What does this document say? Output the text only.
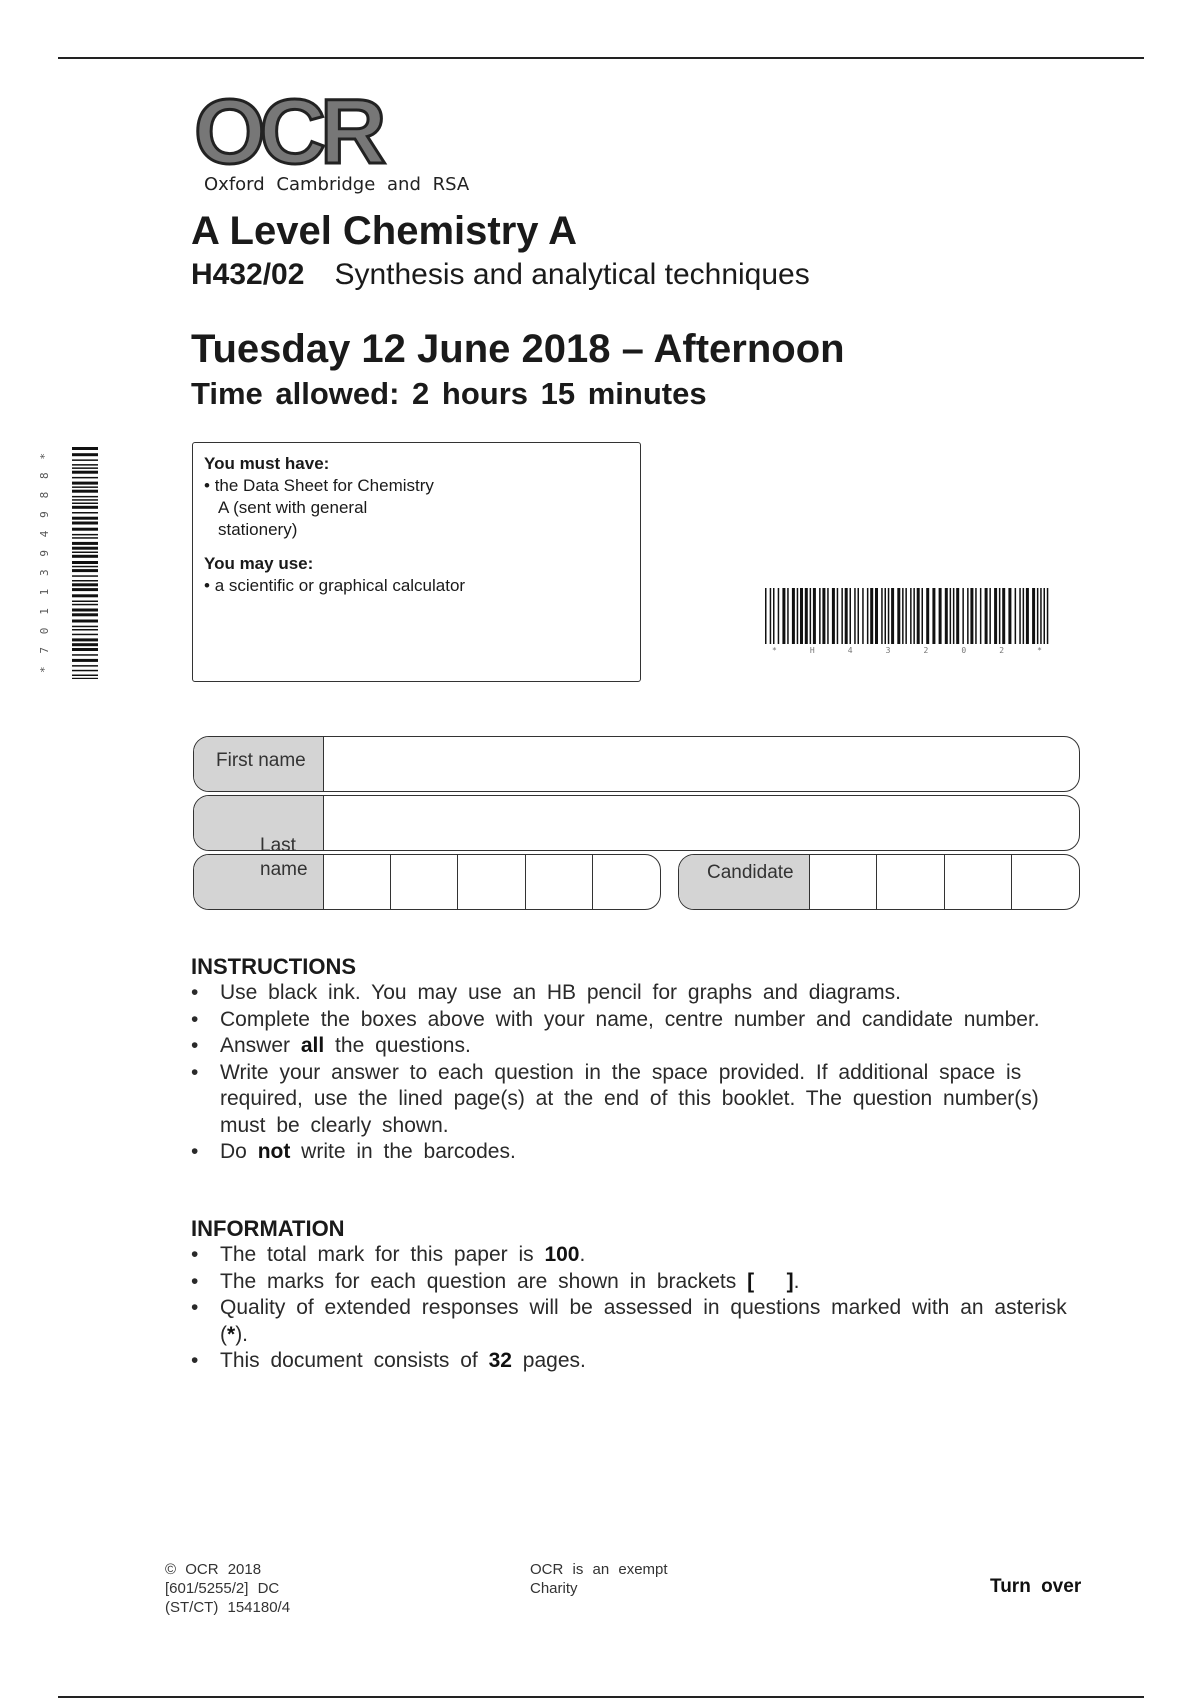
OCR
Oxford Cambridge and RSA
A Level Chemistry A
H432/02 Synthesis and analytical techniques
Tuesday 12 June 2018 – Afternoon
Time allowed: 2 hours 15 minutes
You must have:
• the Data Sheet for Chemistry A (sent with general stationery)
You may use:
• a scientific or graphical calculator
*7011394988*
* H 4 3 2 0 2 *
First name
Last name	Candidate
INSTRUCTIONS
• Use black ink. You may use an HB pencil for graphs and diagrams.
• Complete the boxes above with your name, centre number and candidate number.
• Answer all the questions.
• Write your answer to each question in the space provided. If additional space is required, use the lined page(s) at the end of this booklet. The question number(s) must be clearly shown.
• Do not write in the barcodes.
INFORMATION
• The total mark for this paper is 100.
• The marks for each question are shown in brackets [   ].
• Quality of extended responses will be assessed in questions marked with an asterisk (*).
• This document consists of 32 pages.
© OCR 2018
[601/5255/2] DC
(ST/CT) 154180/4
OCR is an exempt
Charity	Turn over
